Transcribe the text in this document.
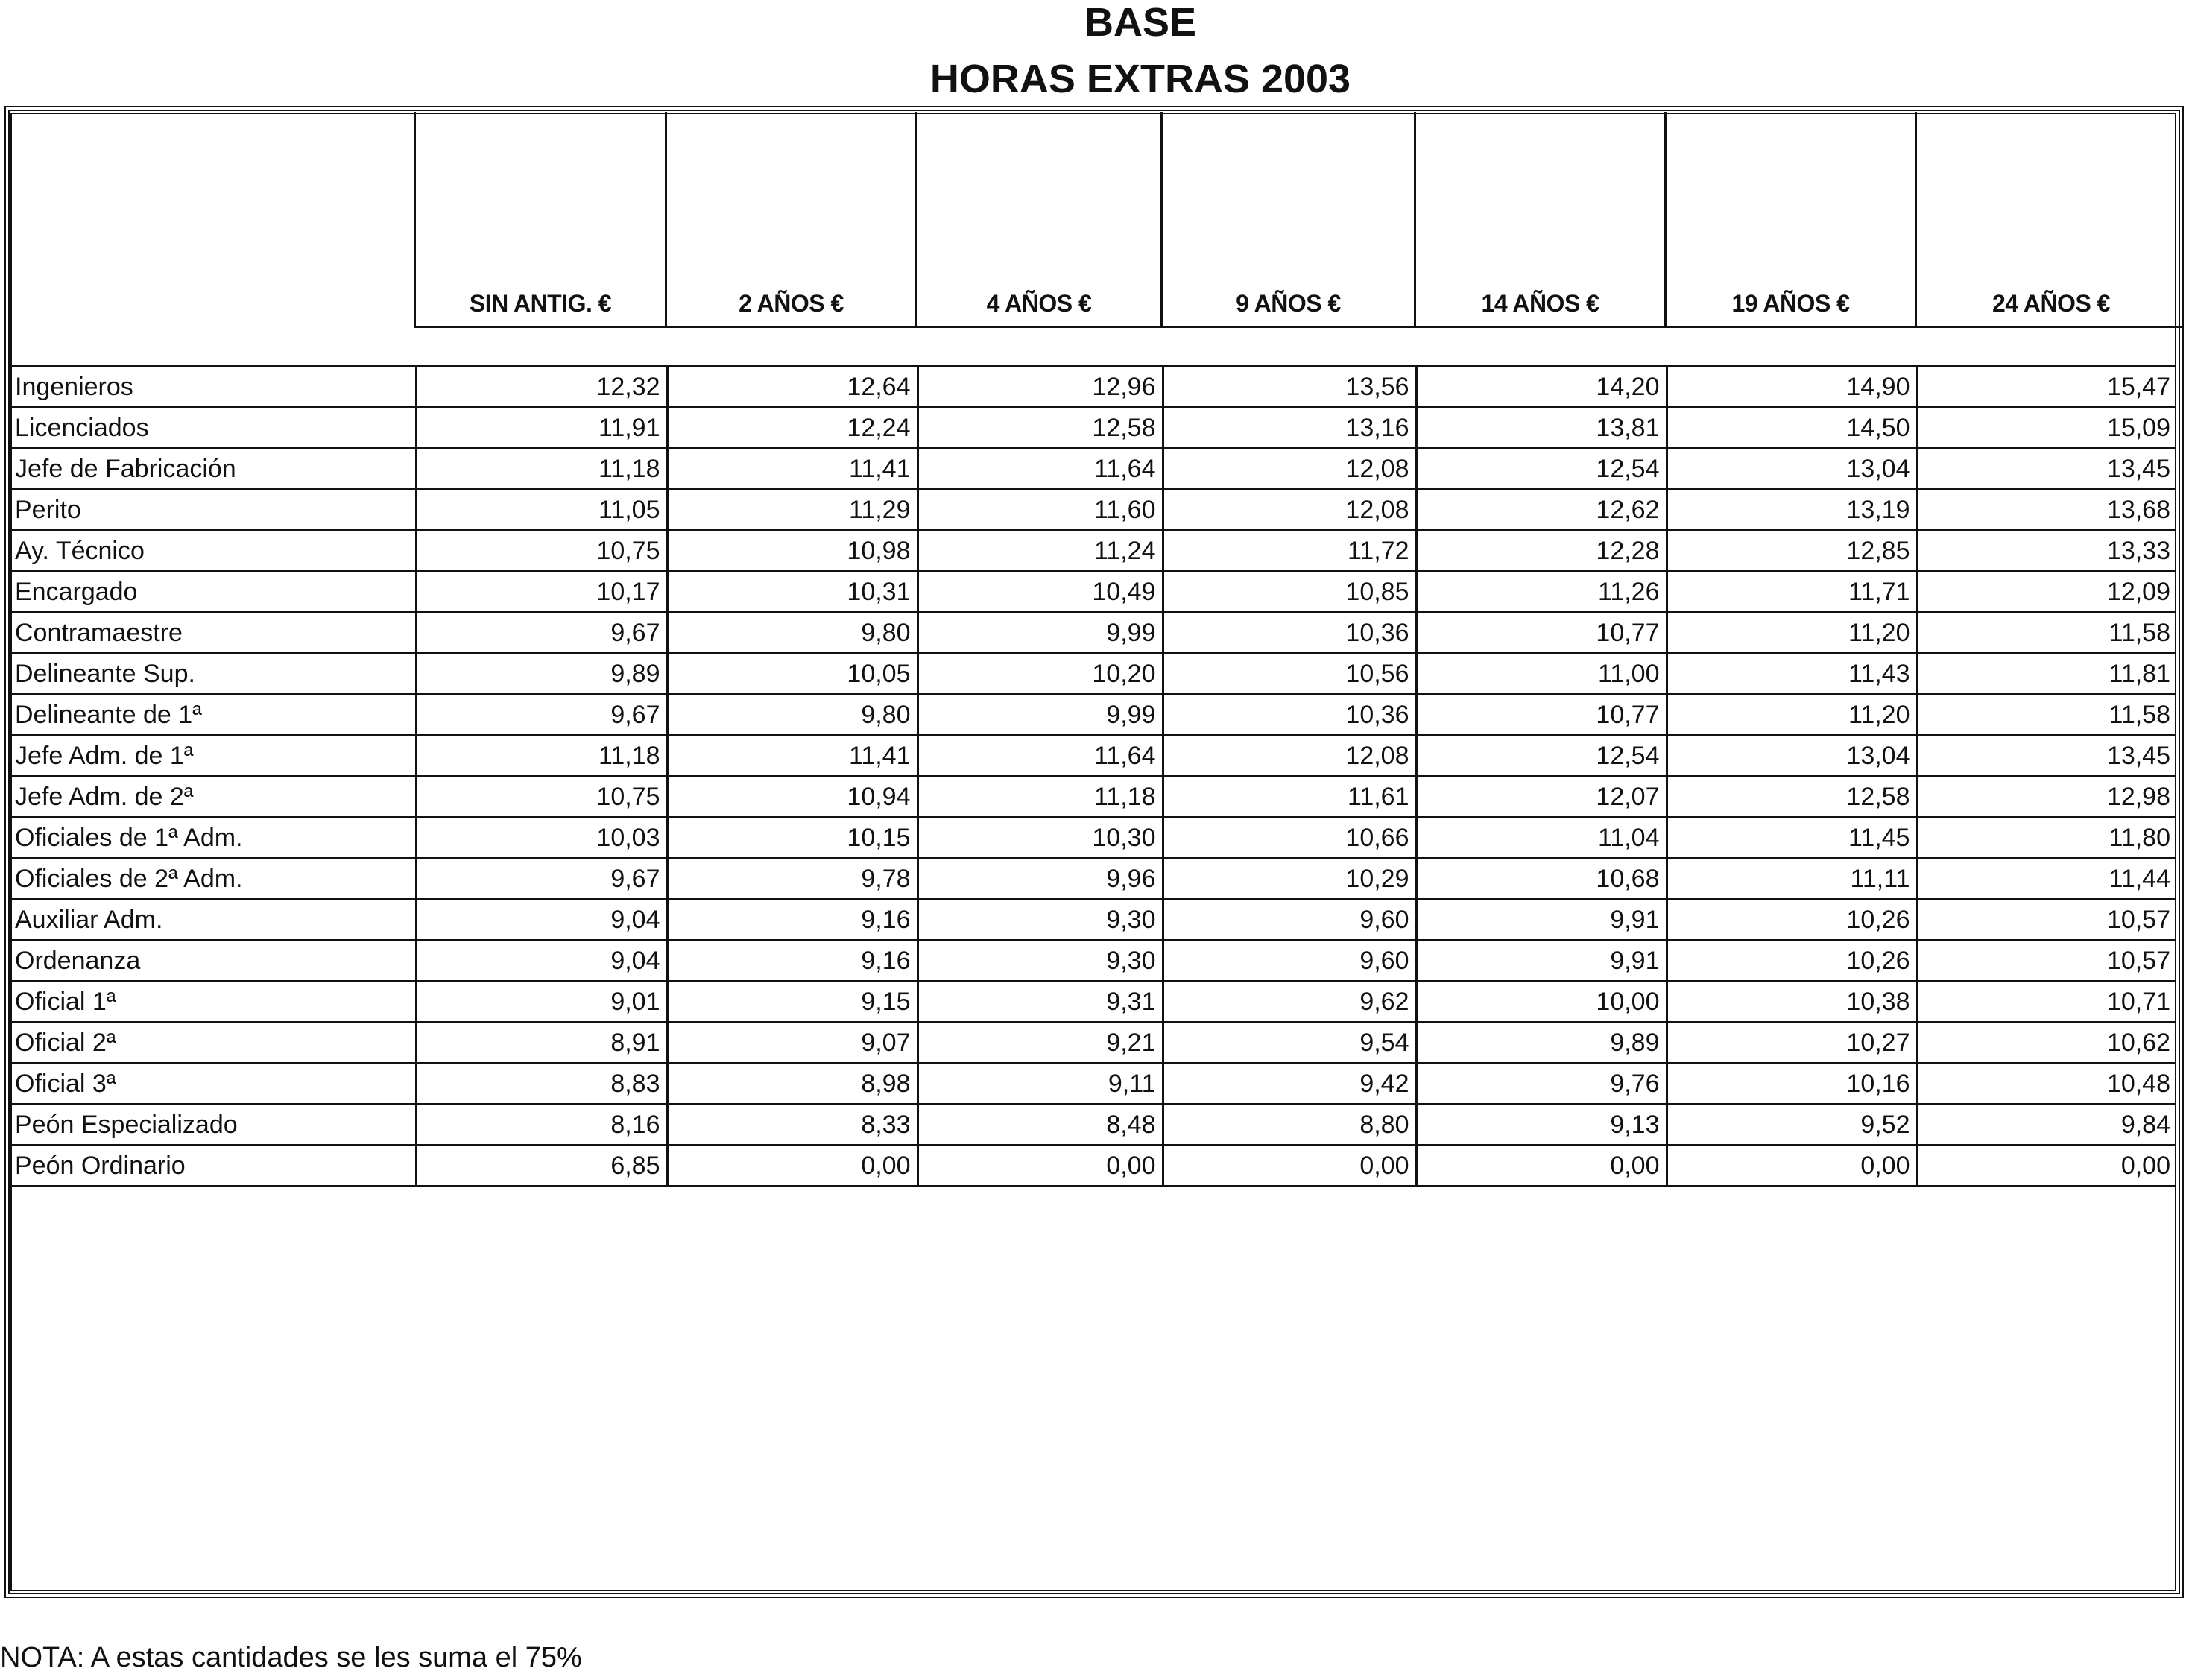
BASE
HORAS EXTRAS 2003
SIN ANTIG. €	2 AÑOS €	4 AÑOS €	9 AÑOS €	14 AÑOS €	19 AÑOS €	24 AÑOS €
Ingenieros	12,32	12,64	12,96	13,56	14,20	14,90	15,47
Licenciados	11,91	12,24	12,58	13,16	13,81	14,50	15,09
Jefe de Fabricación	11,18	11,41	11,64	12,08	12,54	13,04	13,45
Perito	11,05	11,29	11,60	12,08	12,62	13,19	13,68
Ay. Técnico	10,75	10,98	11,24	11,72	12,28	12,85	13,33
Encargado	10,17	10,31	10,49	10,85	11,26	11,71	12,09
Contramaestre	9,67	9,80	9,99	10,36	10,77	11,20	11,58
Delineante Sup.	9,89	10,05	10,20	10,56	11,00	11,43	11,81
Delineante de 1ª	9,67	9,80	9,99	10,36	10,77	11,20	11,58
Jefe Adm. de 1ª	11,18	11,41	11,64	12,08	12,54	13,04	13,45
Jefe Adm. de 2ª	10,75	10,94	11,18	11,61	12,07	12,58	12,98
Oficiales de 1ª Adm.	10,03	10,15	10,30	10,66	11,04	11,45	11,80
Oficiales de 2ª Adm.	9,67	9,78	9,96	10,29	10,68	11,11	11,44
Auxiliar Adm.	9,04	9,16	9,30	9,60	9,91	10,26	10,57
Ordenanza	9,04	9,16	9,30	9,60	9,91	10,26	10,57
Oficial 1ª	9,01	9,15	9,31	9,62	10,00	10,38	10,71
Oficial 2ª	8,91	9,07	9,21	9,54	9,89	10,27	10,62
Oficial 3ª	8,83	8,98	9,11	9,42	9,76	10,16	10,48
Peón Especializado	8,16	8,33	8,48	8,80	9,13	9,52	9,84
Peón Ordinario	6,85	0,00	0,00	0,00	0,00	0,00	0,00
NOTA: A estas cantidades se les suma el 75%
